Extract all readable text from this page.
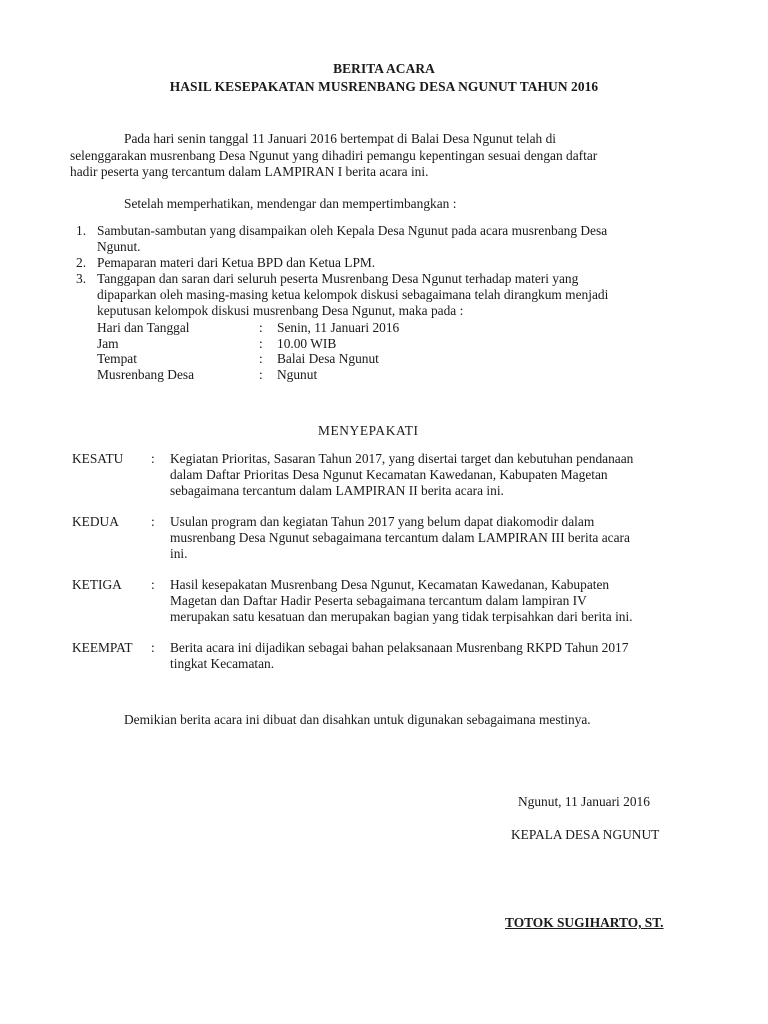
BERITA ACARA
HASIL KESEPAKATAN MUSRENBANG DESA NGUNUT TAHUN 2016
Pada hari senin tanggal 11 Januari 2016 bertempat di Balai Desa Ngunut telah di
selenggarakan musrenbang Desa Ngunut yang dihadiri pemangu kepentingan sesuai dengan daftar
hadir peserta yang tercantum dalam LAMPIRAN I berita acara ini.
Setelah memperhatikan, mendengar dan mempertimbangkan :
1. Sambutan-sambutan yang disampaikan oleh Kepala Desa Ngunut pada acara musrenbang Desa
Ngunut.
2. Pemaparan materi dari Ketua BPD dan Ketua LPM.
3. Tanggapan dan saran dari seluruh peserta Musrenbang Desa Ngunut terhadap materi yang
dipaparkan oleh masing-masing ketua kelompok diskusi sebagaimana telah dirangkum menjadi
keputusan kelompok diskusi musrenbang Desa Ngunut, maka pada :
Hari dan Tanggal	: Senin, 11 Januari 2016
Jam	: 10.00 WIB
Tempat	: Balai Desa Ngunut
Musrenbang Desa	: Ngunut
MENYEPAKATI
KESATU : Kegiatan Prioritas, Sasaran Tahun 2017, yang disertai target dan kebutuhan pendanaan
dalam Daftar Prioritas Desa Ngunut Kecamatan Kawedanan, Kabupaten Magetan
sebagaimana tercantum dalam LAMPIRAN II berita acara ini.
KEDUA : Usulan program dan kegiatan Tahun 2017 yang belum dapat diakomodir dalam
musrenbang Desa Ngunut sebagaimana tercantum dalam LAMPIRAN III berita acara
ini.
KETIGA : Hasil kesepakatan Musrenbang Desa Ngunut, Kecamatan Kawedanan, Kabupaten
Magetan dan Daftar Hadir Peserta sebagaimana tercantum dalam lampiran IV
merupakan satu kesatuan dan merupakan bagian yang tidak terpisahkan dari berita ini.
KEEMPAT : Berita acara ini dijadikan sebagai bahan pelaksanaan Musrenbang RKPD Tahun 2017
tingkat Kecamatan.
Demikian berita acara ini dibuat dan disahkan untuk digunakan sebagaimana mestinya.
Ngunut, 11 Januari 2016
KEPALA DESA NGUNUT
TOTOK SUGIHARTO, ST.
